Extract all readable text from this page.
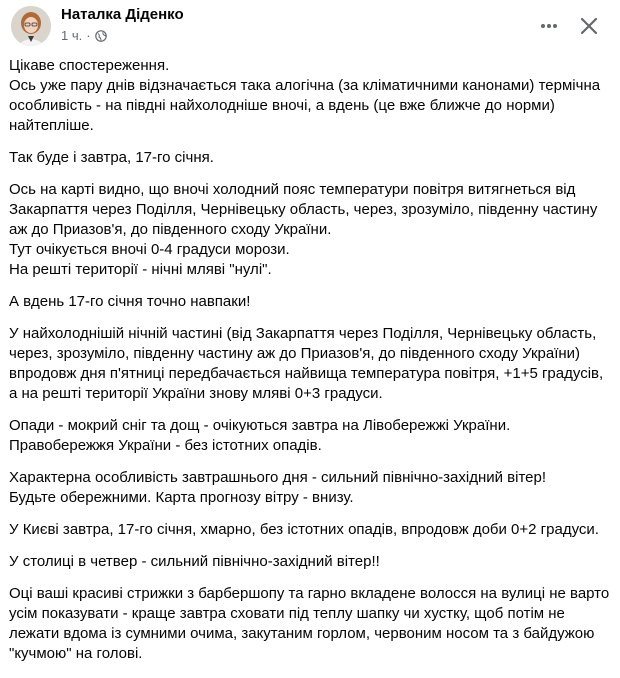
Наталка Діденко
1 ч. ·

Цікаве спостереження.
Ось уже пару днів відзначається така алогічна (за кліматичними канонами) термічна особливість - на півдні найхолодніше вночі, а вдень (це вже ближче до норми) найтепліше.

Так буде і завтра, 17-го січня.

Ось на карті видно, що вночі холодний пояс температури повітря витягнеться від Закарпаття через Поділля, Чернівецьку область, через, зрозуміло, південну частину аж до Приазов'я, до південного сходу України.
Тут очікується вночі 0-4 градуси морози.
На решті території - нічні мляві "нулі".

А вдень 17-го січня точно навпаки!

У найхолоднішій нічній частині (від Закарпаття через Поділля, Чернівецьку область, через, зрозуміло, південну частину аж до Приазов'я, до південного сходу України) впродовж дня п'ятниці передбачається найвища температура повітря, +1+5 градусів, а на решті території України знову мляві 0+3 градуси.

Опади - мокрий сніг та дощ - очікуються завтра на Лівобережжі України.
Правобережжя України - без істотних опадів.

Характерна особливість завтрашнього дня - сильний північно-західний вітер!
Будьте обережними. Карта прогнозу вітру - внизу.

У Києві завтра, 17-го січня, хмарно, без істотних опадів, впродовж доби 0+2 градуси.

У столиці в четвер - сильний північно-західний вітер!!

Оці ваші красиві стрижки з барбершопу та гарно вкладене волосся на вулиці не варто усім показувати - краще завтра сховати під теплу шапку чи хустку, щоб потім не лежати вдома із сумними очима, закутаним горлом, червоним носом та з байдужою "кучмою" на голові.
